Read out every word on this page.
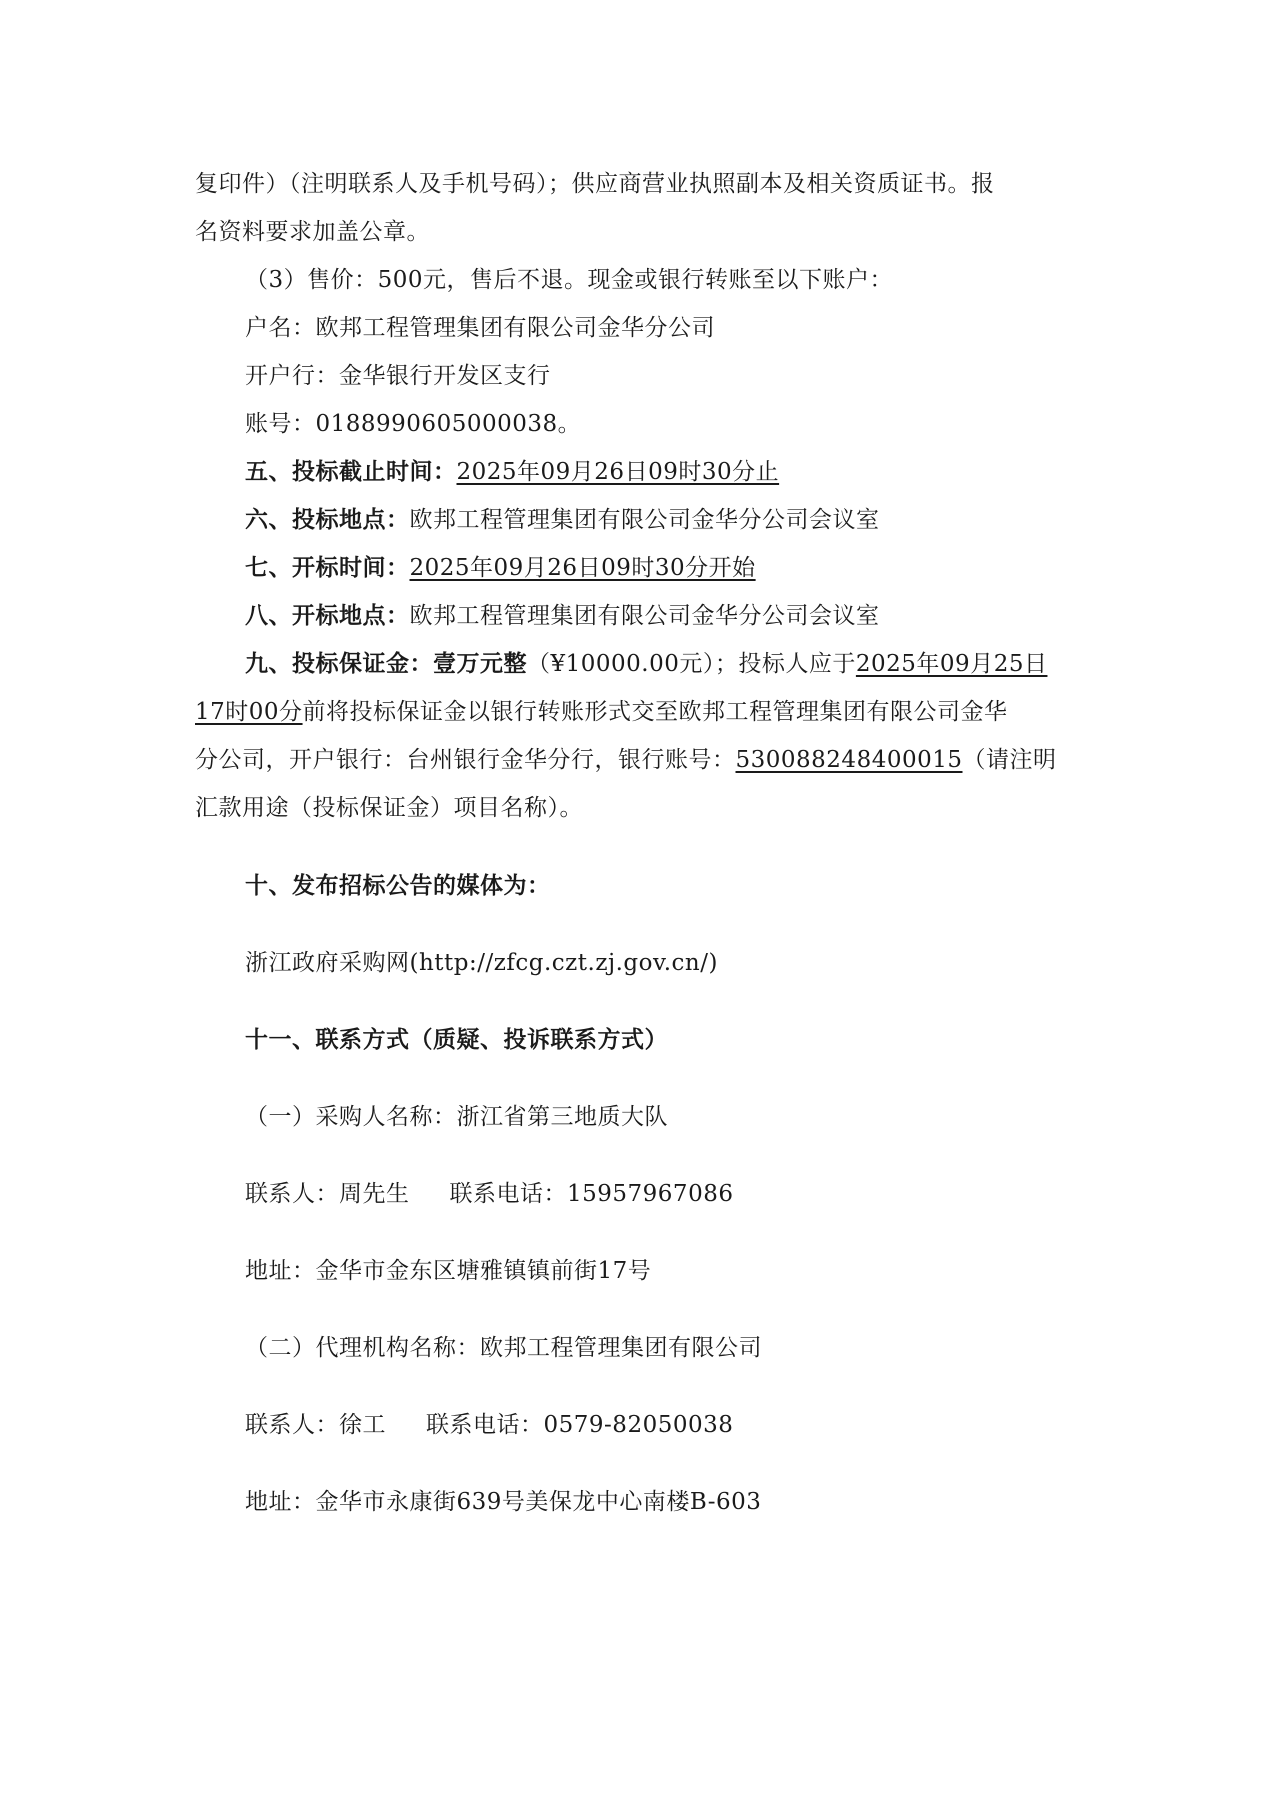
复印件）（注明联系人及手机号码）；供应商营业执照副本及相关资质证书。报
名资料要求加盖公章。
（3）售价：500元，售后不退。现金或银行转账至以下账户：
户名：欧邦工程管理集团有限公司金华分公司
开户行：金华银行开发区支行
账号：0188990605000038。
五、投标截止时间：2025年09月26日09时30分止
六、投标地点：欧邦工程管理集团有限公司金华分公司会议室
七、开标时间：2025年09月26日09时30分开始
八、开标地点：欧邦工程管理集团有限公司金华分公司会议室
九、投标保证金：壹万元整（¥10000.00元）；投标人应于2025年09月25日
17时00分前将投标保证金以银行转账形式交至欧邦工程管理集团有限公司金华
分公司，开户银行：台州银行金华分行，银行账号：530088248400015（请注明
汇款用途（投标保证金）项目名称）。
十、发布招标公告的媒体为：
浙江政府采购网(http://zfcg.czt.zj.gov.cn/)
十一、联系方式（质疑、投诉联系方式）
（一）采购人名称：浙江省第三地质大队
联系人：周先生 联系电话：15957967086
地址：金华市金东区塘雅镇镇前街17号
（二）代理机构名称：欧邦工程管理集团有限公司
联系人：徐工 联系电话：0579-82050038
地址：金华市永康街639号美保龙中心南楼B-603
